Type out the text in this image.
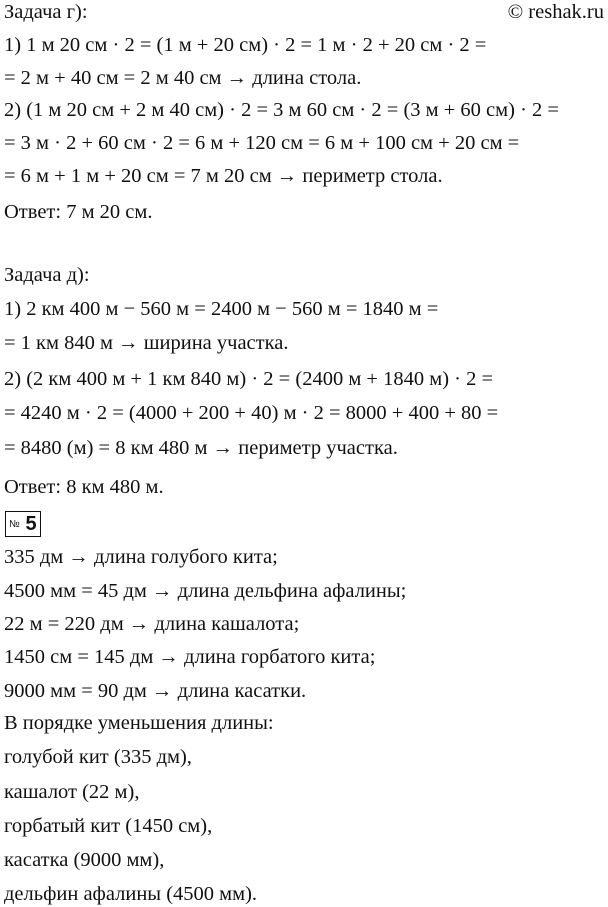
© reshak.ru
Задача г):
1) 1 м 20 см · 2 = (1 м + 20 см) · 2 = 1 м · 2 + 20 см · 2 =
= 2 м + 40 см = 2 м 40 см → длина стола.
2) (1 м 20 см + 2 м 40 см) · 2 = 3 м 60 см · 2 = (3 м + 60 см) · 2 =
= 3 м · 2 + 60 см · 2 = 6 м + 120 см = 6 м + 100 см + 20 см =
= 6 м + 1 м + 20 см = 7 м 20 см → периметр стола.
Ответ: 7 м 20 см.
Задача д):
1) 2 км 400 м − 560 м = 2400 м − 560 м = 1840 м =
= 1 км 840 м → ширина участка.
2) (2 км 400 м + 1 км 840 м) · 2 = (2400 м + 1840 м) · 2 =
= 4240 м · 2 = (4000 + 200 + 40) м · 2 = 8000 + 400 + 80 =
= 8480 (м) = 8 км 480 м → периметр участка.
Ответ: 8 км 480 м.
№ 5
335 дм → длина голубого кита;
4500 мм = 45 дм → длина дельфина афалины;
22 м = 220 дм → длина кашалота;
1450 см = 145 дм → длина горбатого кита;
9000 мм = 90 дм → длина касатки.
В порядке уменьшения длины:
голубой кит (335 дм),
кашалот (22 м),
горбатый кит (1450 см),
касатка (9000 мм),
дельфин афалины (4500 мм).
